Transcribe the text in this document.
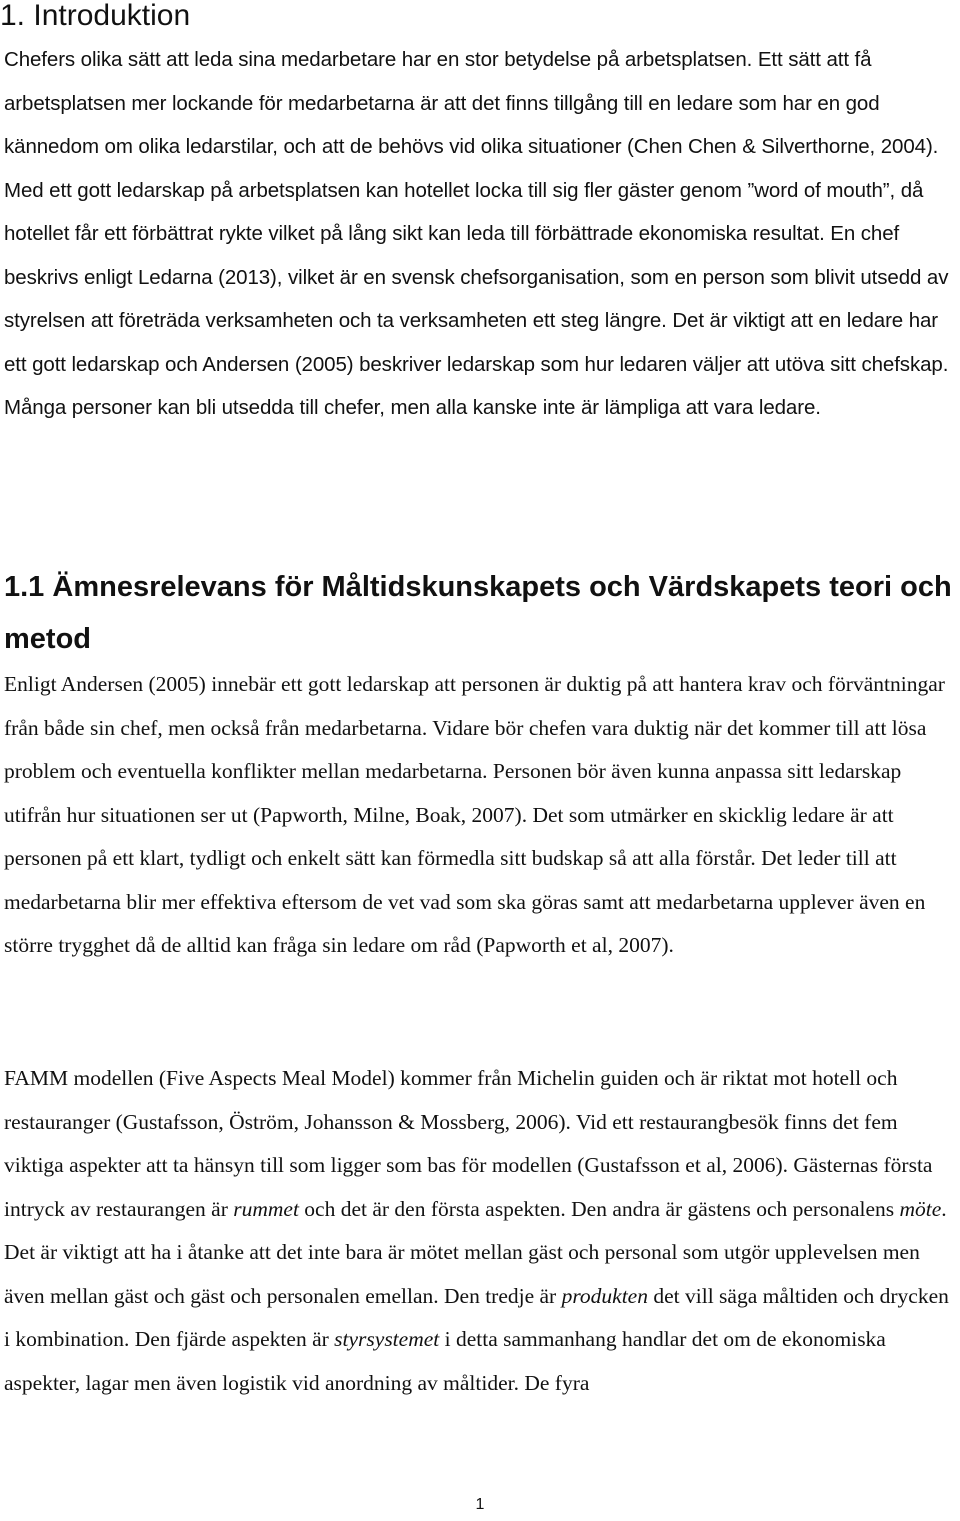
1. Introduktion

Chefers olika sätt att leda sina medarbetare har en stor betydelse på arbetsplatsen. Ett sätt att få arbetsplatsen mer lockande för medarbetarna är att det finns tillgång till en ledare som har en god kännedom om olika ledarstilar, och att de behövs vid olika situationer (Chen Chen & Silverthorne, 2004). Med ett gott ledarskap på arbetsplatsen kan hotellet locka till sig fler gäster genom ”word of mouth”, då hotellet får ett förbättrat rykte vilket på lång sikt kan leda till förbättrade ekonomiska resultat. En chef beskrivs enligt Ledarna (2013), vilket är en svensk chefsorganisation, som en person som blivit utsedd av styrelsen att företräda verksamheten och ta verksamheten ett steg längre. Det är viktigt att en ledare har ett gott ledarskap och Andersen (2005) beskriver ledarskap som hur ledaren väljer att utöva sitt chefskap. Många personer kan bli utsedda till chefer, men alla kanske inte är lämpliga att vara ledare.

1.1 Ämnesrelevans för Måltidskunskapets och Värdskapets teori och metod

Enligt Andersen (2005) innebär ett gott ledarskap att personen är duktig på att hantera krav och förväntningar från både sin chef, men också från medarbetarna. Vidare bör chefen vara duktig när det kommer till att lösa problem och eventuella konflikter mellan medarbetarna. Personen bör även kunna anpassa sitt ledarskap utifrån hur situationen ser ut (Papworth, Milne, Boak, 2007). Det som utmärker en skicklig ledare är att personen på ett klart, tydligt och enkelt sätt kan förmedla sitt budskap så att alla förstår. Det leder till att medarbetarna blir mer effektiva eftersom de vet vad som ska göras samt att medarbetarna upplever även en större trygghet då de alltid kan fråga sin ledare om råd (Papworth et al, 2007).

FAMM modellen (Five Aspects Meal Model) kommer från Michelin guiden och är riktat mot hotell och restauranger (Gustafsson, Öström, Johansson & Mossberg, 2006). Vid ett restaurangbesök finns det fem viktiga aspekter att ta hänsyn till som ligger som bas för modellen (Gustafsson et al, 2006). Gästernas första intryck av restaurangen är rummet och det är den första aspekten. Den andra är gästens och personalens möte. Det är viktigt att ha i åtanke att det inte bara är mötet mellan gäst och personal som utgör upplevelsen men även mellan gäst och gäst och personalen emellan. Den tredje är produkten det vill säga måltiden och drycken i kombination. Den fjärde aspekten är styrsystemet i detta sammanhang handlar det om de ekonomiska aspekter, lagar men även logistik vid anordning av måltider. De fyra

1
